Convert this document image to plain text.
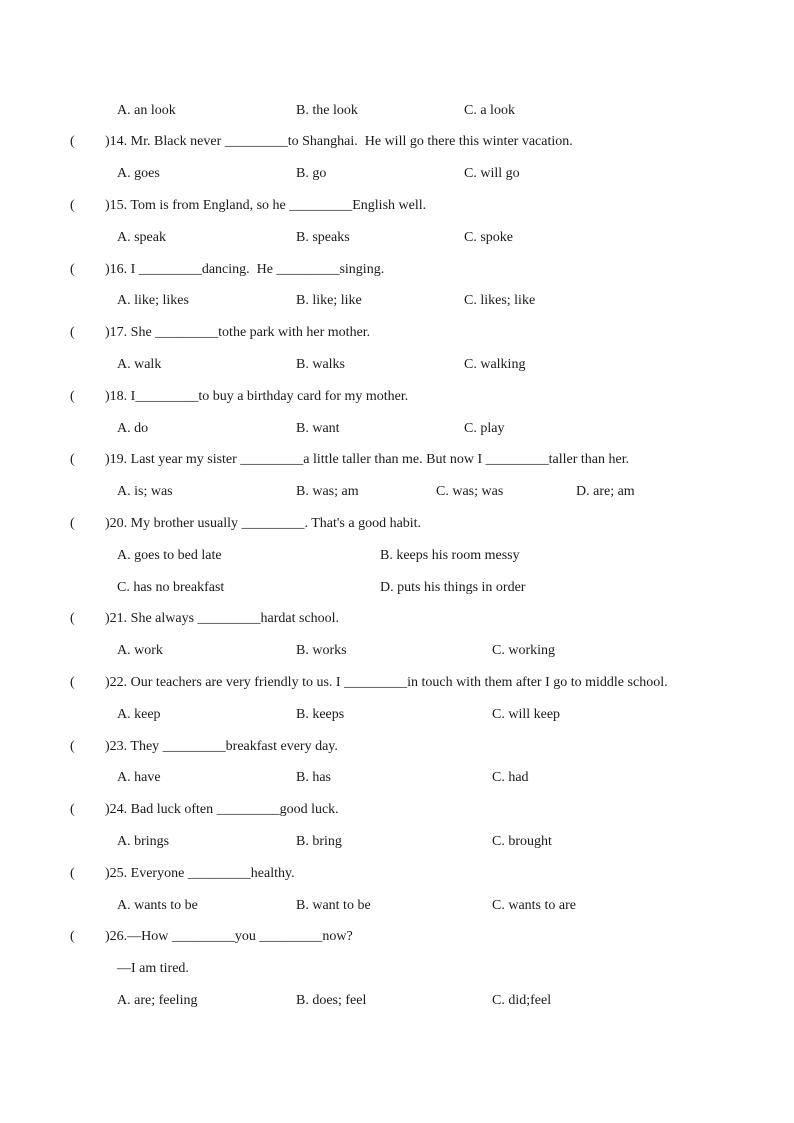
A. an look	B. the look	C. a look
( )14. Mr. Black never _________to Shanghai.  He will go there this winter vacation.
A. goes	B. go	C. will go
( )15. Tom is from England, so he _________English well.
A. speak	B. speaks	C. spoke
( )16. I _________dancing.  He _________singing.
A. like; likes	B. like; like	C. likes; like
( )17. She _________tothe park with her mother.
A. walk	B. walks	C. walking
( )18. I_________to buy a birthday card for my mother.
A. do	B. want	C. play
( )19. Last year my sister _________a little taller than me. But now I _________taller than her.
A. is; was	B. was; am	C. was; was	D. are; am
( )20. My brother usually _________. That's a good habit.
A. goes to bed late	B. keeps his room messy
C. has no breakfast	D. puts his things in order
( )21. She always _________hardat school.
A. work	B. works	C. working
( )22. Our teachers are very friendly to us. I _________in touch with them after I go to middle school.
A. keep	B. keeps	C. will keep
( )23. They _________breakfast every day.
A. have	B. has	C. had
( )24. Bad luck often _________good luck.
A. brings	B. bring	C. brought
( )25. Everyone _________healthy.
A. wants to be	B. want to be	C. wants to are
( )26.—How _________you _________now?
—I am tired.
A. are; feeling	B. does; feel	C. did;feel
